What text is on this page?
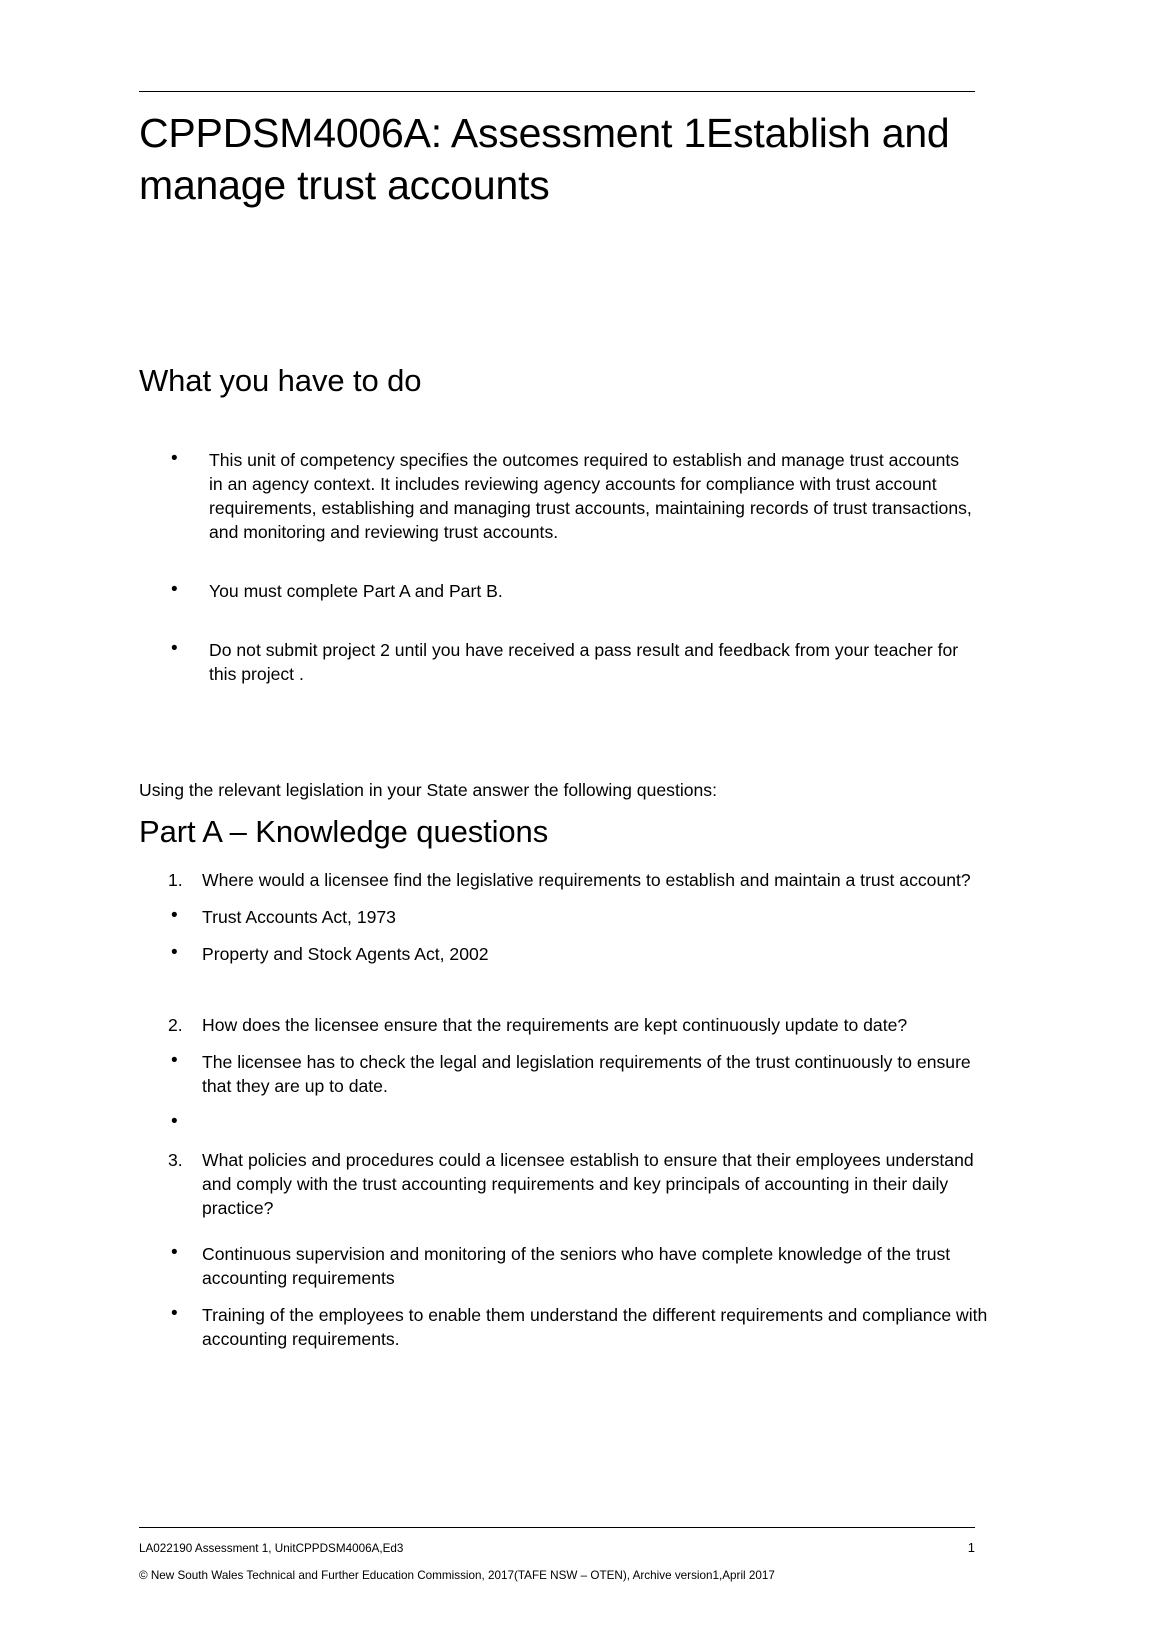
CPPDSM4006A: Assessment 1Establish and manage trust accounts
What you have to do
• This unit of competency specifies the outcomes required to establish and manage trust accounts in an agency context. It includes reviewing agency accounts for compliance with trust account requirements, establishing and managing trust accounts, maintaining records of trust transactions, and monitoring and reviewing trust accounts.
• You must complete Part A and Part B.
• Do not submit project 2 until you have received a pass result and feedback from your teacher for this project .

Using the relevant legislation in your State answer the following questions:

Part A – Knowledge questions
1.	Where would a licensee find the legislative requirements to establish and maintain a trust account?
• Trust Accounts Act, 1973
• Property and Stock Agents Act, 2002
2.	How does the licensee ensure that the requirements are kept continuously update to date?
• The licensee has to check the legal and legislation requirements of the trust continuously to ensure that they are up to date.
•
3.	What policies and procedures could a licensee establish to ensure that their employees understand and comply with the trust accounting requirements and key principals of accounting in their daily practice?
• Continuous supervision and monitoring of the seniors who have complete knowledge of the trust accounting requirements
• Training of the employees to enable them understand the different requirements and compliance with accounting requirements.
LA022190 Assessment 1, UnitCPPDSM4006A,Ed3	1
© New South Wales Technical and Further Education Commission, 2017(TAFE NSW – OTEN), Archive version1,April 2017
